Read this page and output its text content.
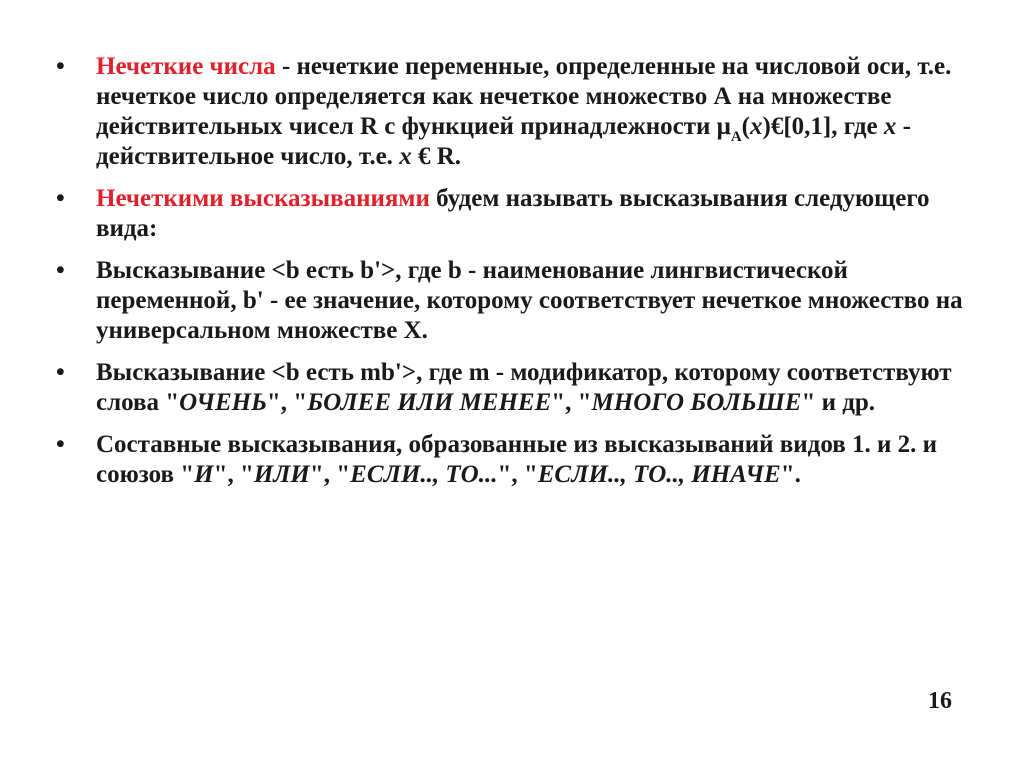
• Нечеткие числа - нечеткие переменные, определенные на числовой оси, т.е. нечеткое число определяется как нечеткое множество А на множестве действительных чисел R с функцией принадлежности $\mu_A(x)€[0,1]$, где x - действительное число, т.е. x € R.
• Нечеткими высказываниями будем называть высказывания следующего вида:
• Высказывание <b есть b'>, где b - наименование лингвистической переменной, b' - ее значение, которому соответствует нечеткое множество на универсальном множестве X.
• Высказывание <b есть mb'>, где m - модификатор, которому соответствуют слова "ОЧЕНЬ", "БОЛЕЕ ИЛИ МЕНЕЕ", "МНОГО БОЛЬШЕ" и др.
• Составные высказывания, образованные из высказываний видов 1. и 2. и союзов "И", "ИЛИ", "ЕСЛИ.., ТО...", "ЕСЛИ.., ТО.., ИНАЧЕ".
16
